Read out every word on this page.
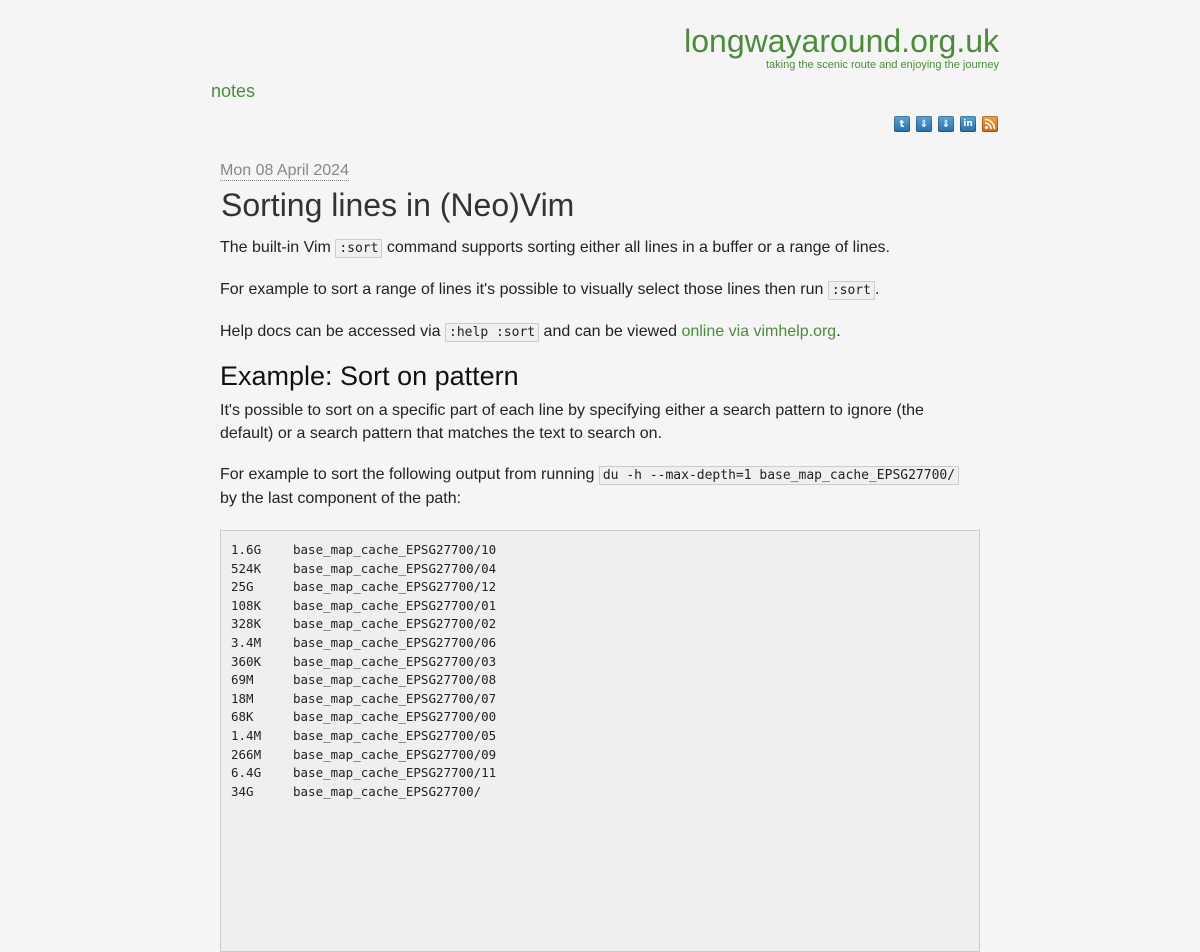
longwayaround.org.uk
taking the scenic route and enjoying the journey
notes
t	⇓	⇓	in
Mon 08 April 2024
Sorting lines in (Neo)Vim

The built-in Vim :sort command supports sorting either all lines in a buffer or a range of lines.

For example to sort a range of lines it's possible to visually select those lines then run :sort .

Help docs can be accessed via :help :sort and can be viewed online via vimhelp.org.

Example: Sort on pattern

It's possible to sort on a specific part of each line by specifying either a search pattern to ignore (the default) or a search pattern that matches the text to search on.

For example to sort the following output from running du -h --max-depth=1 base_map_cache_EPSG27700/ by the last component of the path:

1.6G	base_map_cache_EPSG27700/10
524K	base_map_cache_EPSG27700/04
25G	base_map_cache_EPSG27700/12
108K	base_map_cache_EPSG27700/01
328K	base_map_cache_EPSG27700/02
3.4M	base_map_cache_EPSG27700/06
360K	base_map_cache_EPSG27700/03
69M	base_map_cache_EPSG27700/08
18M	base_map_cache_EPSG27700/07
68K	base_map_cache_EPSG27700/00
1.4M	base_map_cache_EPSG27700/05
266M	base_map_cache_EPSG27700/09
6.4G	base_map_cache_EPSG27700/11
34G	base_map_cache_EPSG27700/
